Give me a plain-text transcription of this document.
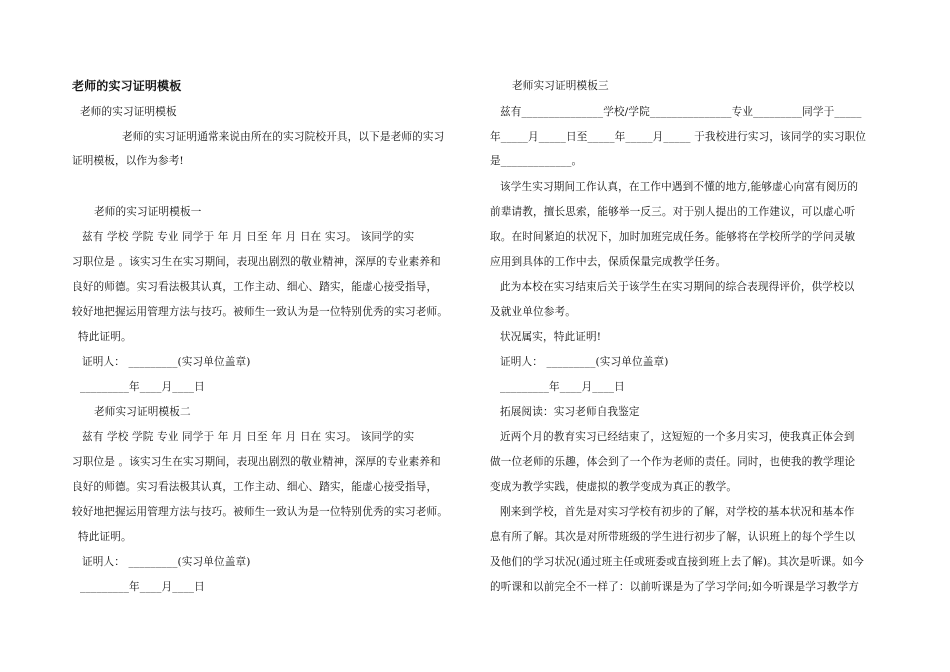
老师的实习证明模板
老师的实习证明模板
老师的实习证明通常来说由所在的实习院校开具，以下是老师的实习
证明模板，以作为参考!
老师的实习证明模板一
兹有 学校 学院 专业 同学于 年 月 日至 年 月 日在 实习。 该同学的实
习职位是 。该实习生在实习期间，表现出剧烈的敬业精神，深厚的专业素养和
良好的师德。实习看法极其认真，工作主动、细心、踏实，能虚心接受指导，
较好地把握运用管理方法与技巧。被师生一致认为是一位特别优秀的实习老师。
特此证明。
证明人： _________(实习单位盖章)
_________年____月____日
老师实习证明模板二
兹有 学校 学院 专业 同学于 年 月 日至 年 月 日在 实习。 该同学的实
习职位是 。该实习生在实习期间，表现出剧烈的敬业精神，深厚的专业素养和
良好的师德。实习看法极其认真，工作主动、细心、踏实，能虚心接受指导，
较好地把握运用管理方法与技巧。被师生一致认为是一位特别优秀的实习老师。
特此证明。
证明人： _________(实习单位盖章)
_________年____月____日
老师实习证明模板三
兹有_______________学校/学院_______________专业_________同学于_____
年_____月_____日至_____年_____月_____ 于我校进行实习，该同学的实习职位
是_____________。
该学生实习期间工作认真，在工作中遇到不懂的地方,能够虚心向富有阅历的
前辈请教，擅长思索，能够举一反三。对于别人提出的工作建议，可以虚心听
取。在时间紧迫的状况下，加时加班完成任务。能够将在学校所学的学问灵敏
应用到具体的工作中去，保质保量完成教学任务。
此为本校在实习结束后关于该学生在实习期间的综合表现得评价，供学校以
及就业单位参考。
状况属实，特此证明!
证明人： _________(实习单位盖章)
_________年____月____日
拓展阅读：实习老师自我鉴定
近两个月的教育实习已经结束了，这短短的一个多月实习，使我真正体会到
做一位老师的乐趣，体会到了一个作为老师的责任。同时，也使我的教学理论
变成为教学实践，使虚拟的教学变成为真正的教学。
刚来到学校，首先是对实习学校有初步的了解，对学校的基本状况和基本作
息有所了解。其次是对所带班级的学生进行初步了解，认识班上的每个学生以
及他们的学习状况(通过班主任或班委或直接到班上去了解)。其次是听课。如今
的听课和以前完全不一样了：以前听课是为了学习学问;如今听课是学习教学方
